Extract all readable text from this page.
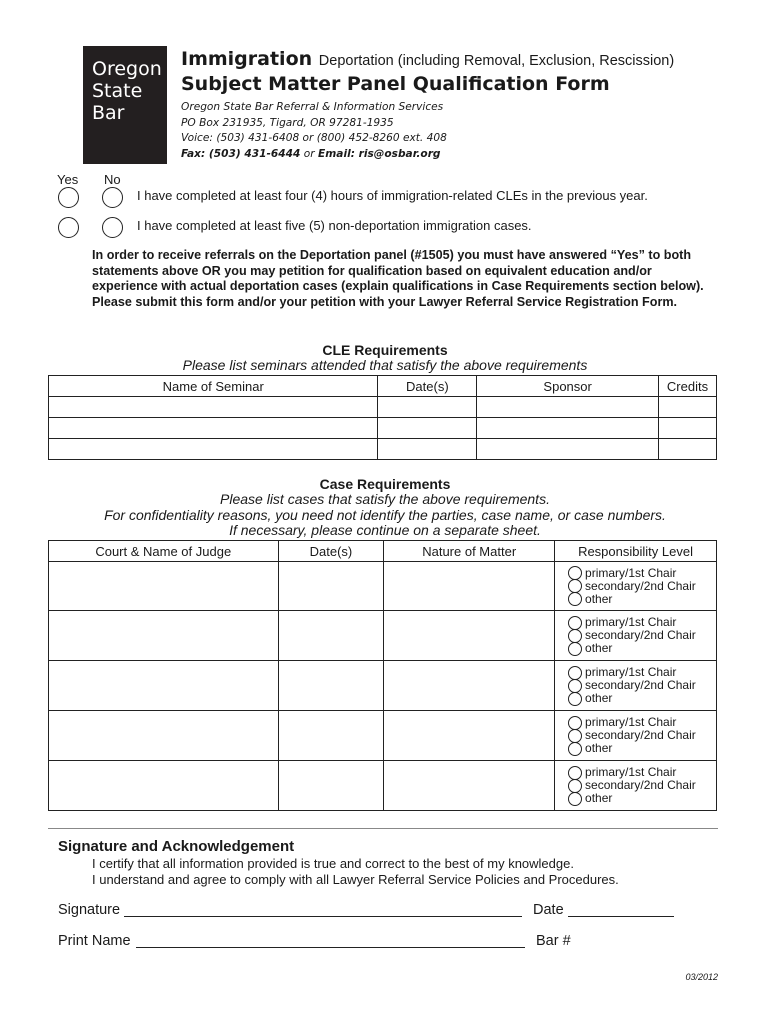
Oregon
State
Bar
Immigration Deportation (including Removal, Exclusion, Rescission)
Subject Matter Panel Qualification Form
Oregon State Bar Referral & Information Services
PO Box 231935, Tigard, OR 97281-1935
Voice: (503) 431-6408 or (800) 452-8260 ext. 408
Fax: (503) 431-6444 or Email: ris@osbar.org
Yes No
I have completed at least four (4) hours of immigration-related CLEs in the previous year.
I have completed at least five (5) non-deportation immigration cases.
In order to receive referrals on the Deportation panel (#1505) you must have answered “Yes” to both statements above OR you may petition for qualification based on equivalent education and/or experience with actual deportation cases (explain qualifications in Case Requirements section below). Please submit this form and/or your petition with your Lawyer Referral Service Registration Form.
CLE Requirements
Please list seminars attended that satisfy the above requirements
Name of Seminar	Date(s)	Sponsor	Credits

Case Requirements
Please list cases that satisfy the above requirements.
For confidentiality reasons, you need not identify the parties, case name, or case numbers.
If necessary, please continue on a separate sheet.
Court & Name of Judge	Date(s)	Nature of Matter	Responsibility Level

			primary/1st Chair
secondary/2nd Chair
other

			primary/1st Chair
secondary/2nd Chair
other

			primary/1st Chair
secondary/2nd Chair
other

			primary/1st Chair
secondary/2nd Chair
other

			primary/1st Chair
secondary/2nd Chair
other
Signature and Acknowledgement
I certify that all information provided is true and correct to the best of my knowledge.
I understand and agree to comply with all Lawyer Referral Service Policies and Procedures.
Signature	Date
Print Name	Bar #
03/2012
